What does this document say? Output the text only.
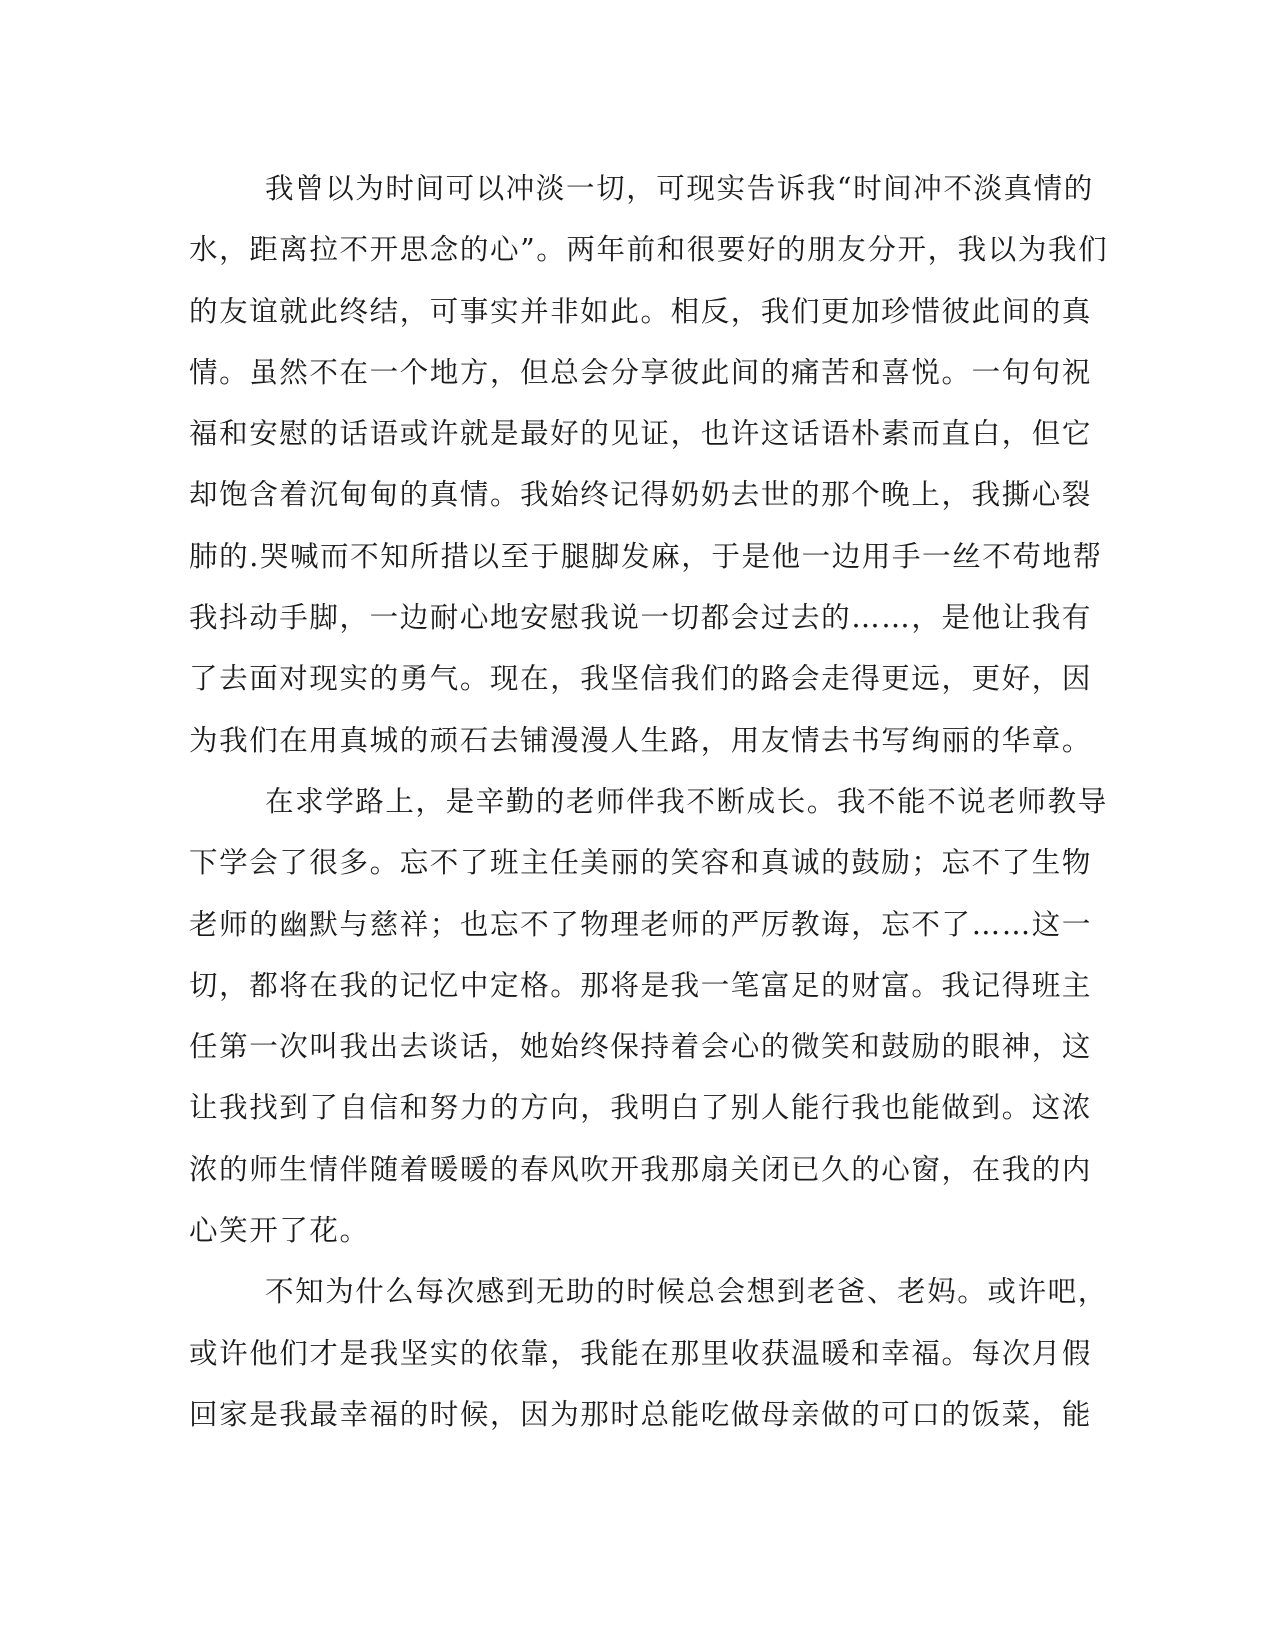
我曾以为时间可以冲淡一切，可现实告诉我“时间冲不淡真情的
水，距离拉不开思念的心”。两年前和很要好的朋友分开，我以为我们
的友谊就此终结，可事实并非如此。相反，我们更加珍惜彼此间的真
情。虽然不在一个地方，但总会分享彼此间的痛苦和喜悦。一句句祝
福和安慰的话语或许就是最好的见证，也许这话语朴素而直白，但它
却饱含着沉甸甸的真情。我始终记得奶奶去世的那个晚上，我撕心裂
肺的.哭喊而不知所措以至于腿脚发麻，于是他一边用手一丝不苟地帮
我抖动手脚，一边耐心地安慰我说一切都会过去的……，是他让我有
了去面对现实的勇气。现在，我坚信我们的路会走得更远，更好，因
为我们在用真城的顽石去铺漫漫人生路，用友情去书写绚丽的华章。
在求学路上，是辛勤的老师伴我不断成长。我不能不说老师教导
下学会了很多。忘不了班主任美丽的笑容和真诚的鼓励；忘不了生物
老师的幽默与慈祥；也忘不了物理老师的严厉教诲，忘不了……这一
切，都将在我的记忆中定格。那将是我一笔富足的财富。我记得班主
任第一次叫我出去谈话，她始终保持着会心的微笑和鼓励的眼神，这
让我找到了自信和努力的方向，我明白了别人能行我也能做到。这浓
浓的师生情伴随着暖暖的春风吹开我那扇关闭已久的心窗，在我的内
心笑开了花。
不知为什么每次感到无助的时候总会想到老爸、老妈。或许吧，
或许他们才是我坚实的依靠，我能在那里收获温暖和幸福。每次月假
回家是我最幸福的时候，因为那时总能吃做母亲做的可口的饭菜，能
